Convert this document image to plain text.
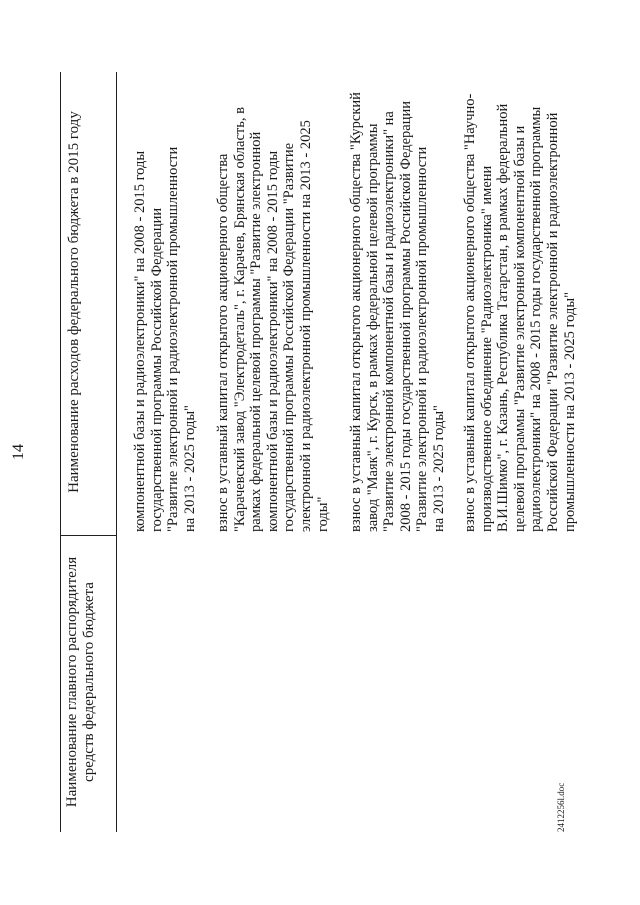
14
Наименование главного распорядителя средств федерального бюджета
Наименование расходов федерального бюджета в 2015 году	компонентной базы и радиоэлектроники" на 2008 - 2015 годы государственной программы Российской Федерации "Развитие электронной и радиоэлектронной промышленности на 2013 - 2025 годы" взнос в уставный капитал открытого акционерного общества "Карачевский завод "Электродеталь", г. Карачев, Брянская область, в рамках федеральной целевой программы "Развитие электронной компонентной базы и радиоэлектроники" на 2008 - 2015 годы государственной программы Российской Федерации "Развитие электронной и радиоэлектронной промышленности на 2013 - 2025 годы" взнос в уставный капитал открытого акционерного общества "Курский завод "Маяк", г. Курск, в рамках федеральной целевой программы "Развитие электронной компонентной базы и радиоэлектроники" на 2008 - 2015 годы государственной программы Российской Федерации "Развитие электронной и радиоэлектронной промышленности на 2013 - 2025 годы" взнос в уставный капитал открытого акционерного общества "Научно- производственное объединение "Радиоэлектроника" имени В.И.Шимко", г. Казань, Республика Татарстан, в рамках федеральной целевой программы "Развитие электронной компонентной базы и радиоэлектроники" на 2008 - 2015 годы государственной программы Российской Федерации "Развитие электронной и радиоэлектронной промышленности на 2013 - 2025 годы"
2412256l.doc
